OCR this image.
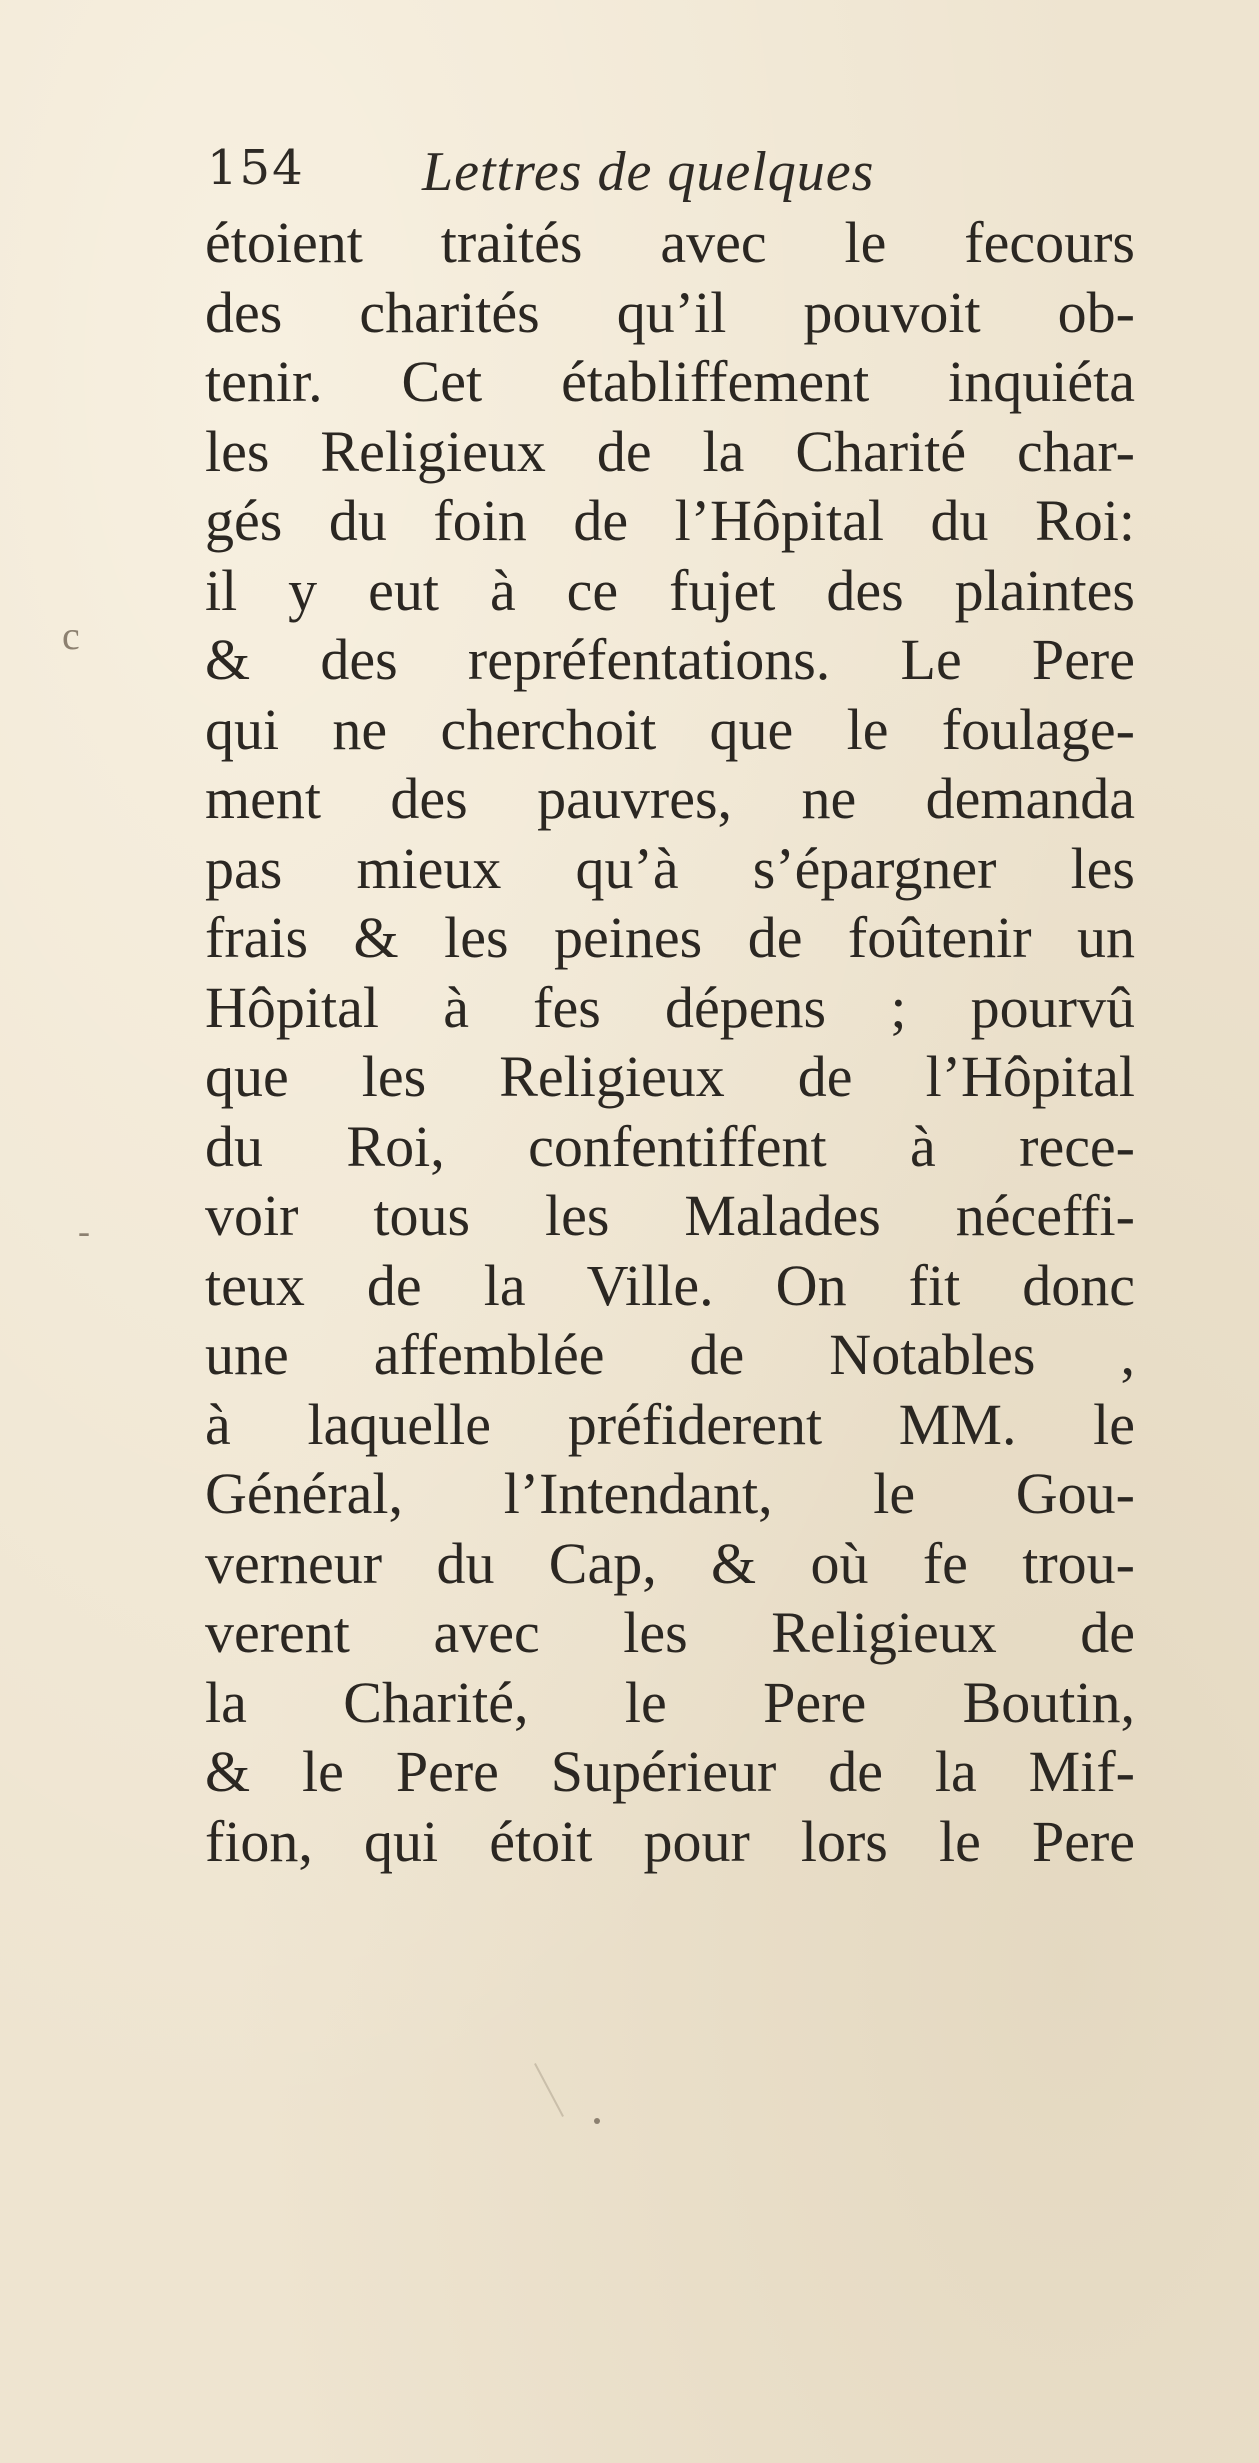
154 Lettres de quelques
étoient traités avec le fecours
des charités qu’il pouvoit ob-
tenir. Cet établiffement inquiéta
les Religieux de la Charité char-
gés du foin de l’Hôpital du Roi:
il y eut à ce fujet des plaintes
& des repréfentations. Le Pere
qui ne cherchoit que le foulage-
ment des pauvres, ne demanda
pas mieux qu’à s’épargner les
frais & les peines de foûtenir un
Hôpital à fes dépens ; pourvû
que les Religieux de l’Hôpital
du Roi, confentiffent à rece-
voir tous les Malades néceffi-
teux de la Ville. On fit donc
une affemblée de Notables ,
à laquelle préfiderent MM. le
Général, l’Intendant, le Gou-
verneur du Cap, & où fe trou-
verent avec les Religieux de
la Charité, le Pere Boutin,
& le Pere Supérieur de la Mif-
fion, qui étoit pour lors le Pere
c
-
